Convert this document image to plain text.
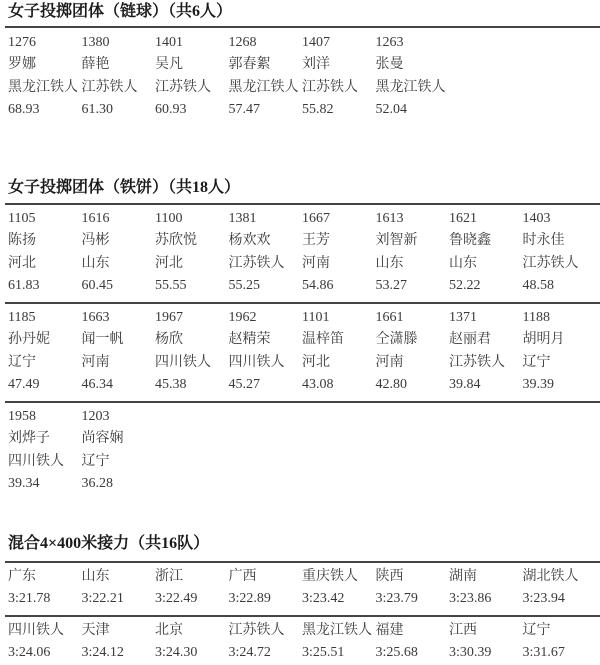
女子投掷团体（链球）（共6人）
1276
罗娜
黑龙江铁人
68.93
1380
薛艳
江苏铁人
61.30
1401
吴凡
江苏铁人
60.93
1268
郭春絮
黑龙江铁人
57.47
1407
刘洋
江苏铁人
55.82
1263
张曼
黑龙江铁人
52.04
女子投掷团体（铁饼）（共18人）
1105
陈扬
河北
61.83
1616
冯彬
山东
60.45
1100
苏欣悦
河北
55.55
1381
杨欢欢
江苏铁人
55.25
1667
王芳
河南
54.86
1613
刘智新
山东
53.27
1621
鲁晓鑫
山东
52.22
1403
时永佳
江苏铁人
48.58
1185
孙丹妮
辽宁
47.49
1663
闻一帆
河南
46.34
1967
杨欣
四川铁人
45.38
1962
赵精荣
四川铁人
45.27
1101
温梓笛
河北
43.08
1661
仝潇滕
河南
42.80
1371
赵丽君
江苏铁人
39.84
1188
胡明月
辽宁
39.39
1958
刘烨子
四川铁人
39.34
1203
尚容娴
辽宁
36.28
混合4×400米接力（共16队）
广东
3:21.78
山东
3:22.21
浙江
3:22.49
广西
3:22.89
重庆铁人
3:23.42
陕西
3:23.79
湖南
3:23.86
湖北铁人
3:23.94
四川铁人
3:24.06
天津
3:24.12
北京
3:24.30
江苏铁人
3:24.72
黑龙江铁人
3:25.51
福建
3:25.68
江西
3:30.39
辽宁
3:31.67
